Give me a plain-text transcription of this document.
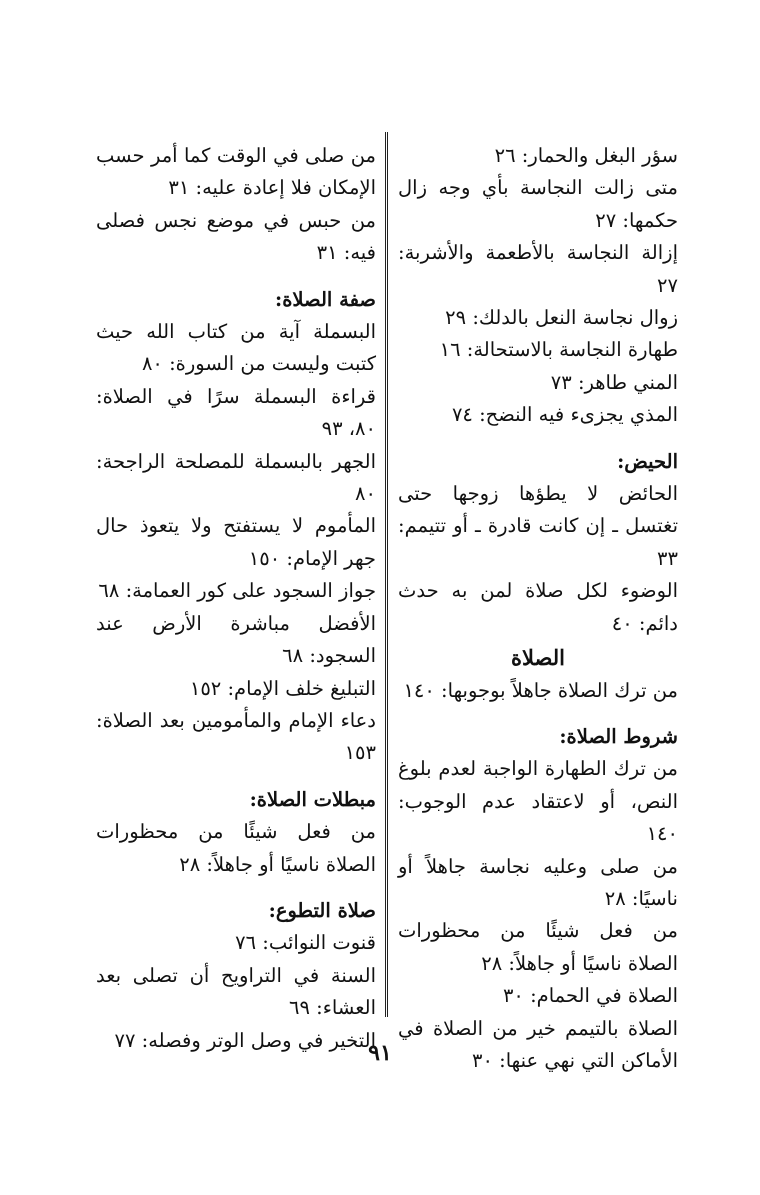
سؤر البغل والحمار: ٢٦

متى زالت النجاسة بأي وجه زال حكمها: ٢٧

إزالة النجاسة بالأطعمة والأشربة: ٢٧

زوال نجاسة النعل بالدلك: ٢٩

طهارة النجاسة بالاستحالة: ١٦

المني طاهر: ٧٣

المذي يجزىء فيه النضح: ٧٤

الحيض:

الحائض لا يطؤها زوجها حتى تغتسل ـ إن كانت قادرة ـ أو تتيمم: ٣٣

الوضوء لكل صلاة لمن به حدث دائم: ٤٠

الصلاة

من ترك الصلاة جاهلاً بوجوبها: ١٤٠

شروط الصلاة:

من ترك الطهارة الواجبة لعدم بلوغ النص، أو لاعتقاد عدم الوجوب: ١٤٠

من صلى وعليه نجاسة جاهلاً أو ناسيًا: ٢٨

من فعل شيئًا من محظورات الصلاة ناسيًا أو جاهلاً: ٢٨

الصلاة في الحمام: ٣٠

الصلاة بالتيمم خير من الصلاة في الأماكن التي نهي عنها: ٣٠

من صلى في الوقت كما أمر حسب الإمكان فلا إعادة عليه: ٣١

من حبس في موضع نجس فصلى فيه: ٣١

صفة الصلاة:

البسملة آية من كتاب الله حيث كتبت وليست من السورة: ٨٠

قراءة البسملة سرًا في الصلاة: ٨٠، ٩٣

الجهر بالبسملة للمصلحة الراجحة: ٨٠

المأموم لا يستفتح ولا يتعوذ حال جهر الإمام: ١٥٠

جواز السجود على كور العمامة: ٦٨

الأفضل مباشرة الأرض عند السجود: ٦٨

التبليغ خلف الإمام: ١٥٢

دعاء الإمام والمأمومين بعد الصلاة: ١٥٣

مبطلات الصلاة:

من فعل شيئًا من محظورات الصلاة ناسيًا أو جاهلاً: ٢٨

صلاة التطوع:

قنوت النوائب: ٧٦

السنة في التراويح أن تصلى بعد العشاء: ٦٩

التخير في وصل الوتر وفصله: ٧٧

٩١
